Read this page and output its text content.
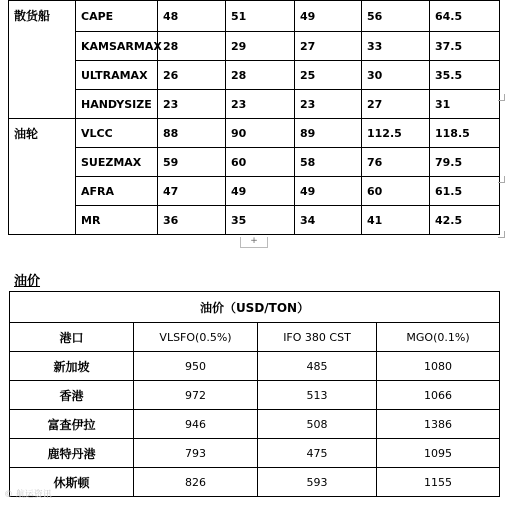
散货船	CAPE	48	51	49	56	64.5
	KAMSARMAX	28	29	27	33	37.5
	ULTRAMAX	26	28	25	30	35.5
	HANDYSIZE	23	23	23	27	31
油轮	VLCC	88	90	89	112.5	118.5
	SUEZMAX	59	60	58	76	79.5
	AFRA	47	49	49	60	61.5
	MR	36	35	34	41	42.5
+
油价
油价（USD/TON）			
港口	VLSFO(0.5%)	IFO 380 CST	MGO(0.1%)
新加坡	950	485	1080
香港	972	513	1066
富查伊拉	946	508	1386
鹿特丹港	793	475	1095
休斯顿	826	593	1155
© 航运资讯
